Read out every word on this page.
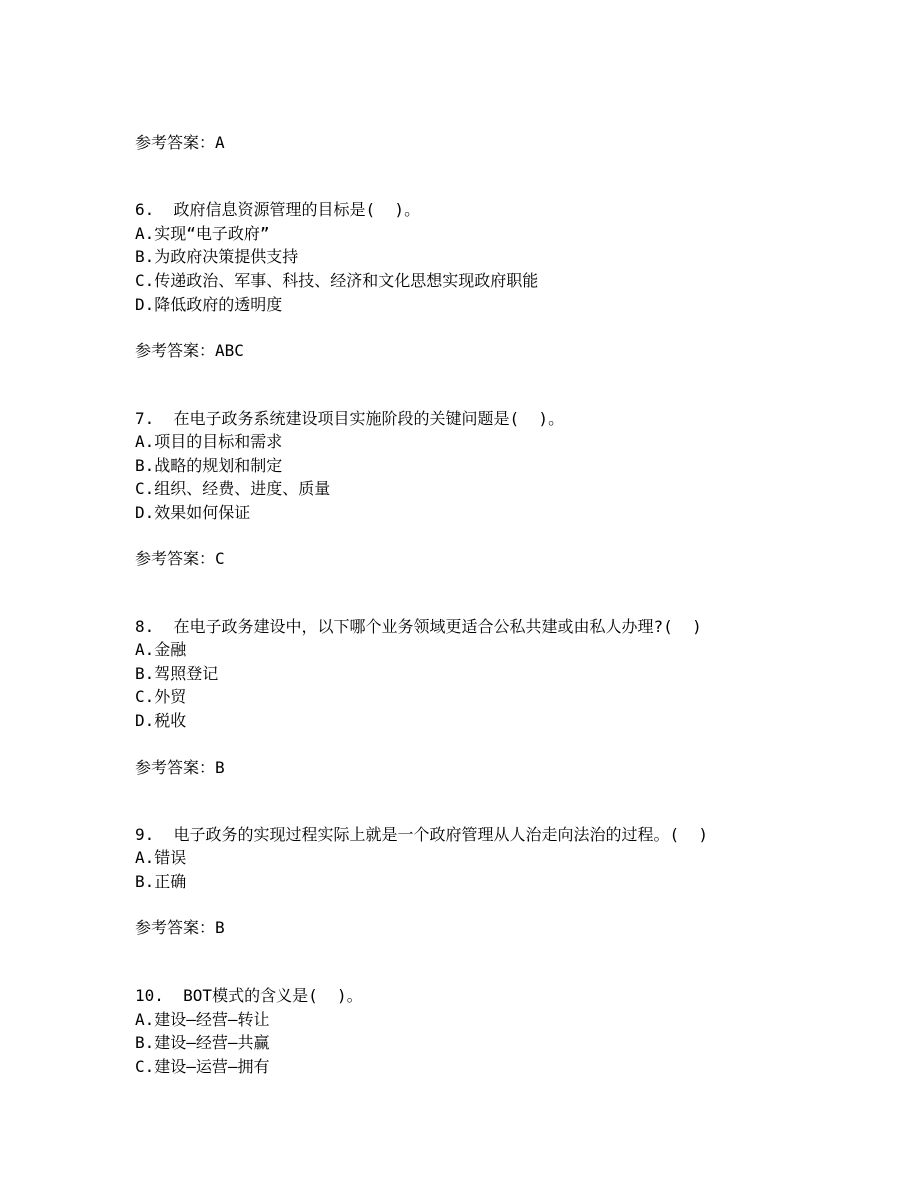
参考答案：A
6.  政府信息资源管理的目标是(  )。
A.实现“电子政府”
B.为政府决策提供支持
C.传递政治、军事、科技、经济和文化思想实现政府职能
D.降低政府的透明度
参考答案：ABC
7.  在电子政务系统建设项目实施阶段的关键问题是(  )。
A.项目的目标和需求
B.战略的规划和制定
C.组织、经费、进度、质量
D.效果如何保证
参考答案：C
8.  在电子政务建设中，以下哪个业务领域更适合公私共建或由私人办理?(  )
A.金融
B.驾照登记
C.外贸
D.税收
参考答案：B
9.  电子政务的实现过程实际上就是一个政府管理从人治走向法治的过程。(  )
A.错误
B.正确
参考答案：B
10.  BOT模式的含义是(  )。
A.建设—经营—转让
B.建设—经营—共赢
C.建设—运营—拥有
